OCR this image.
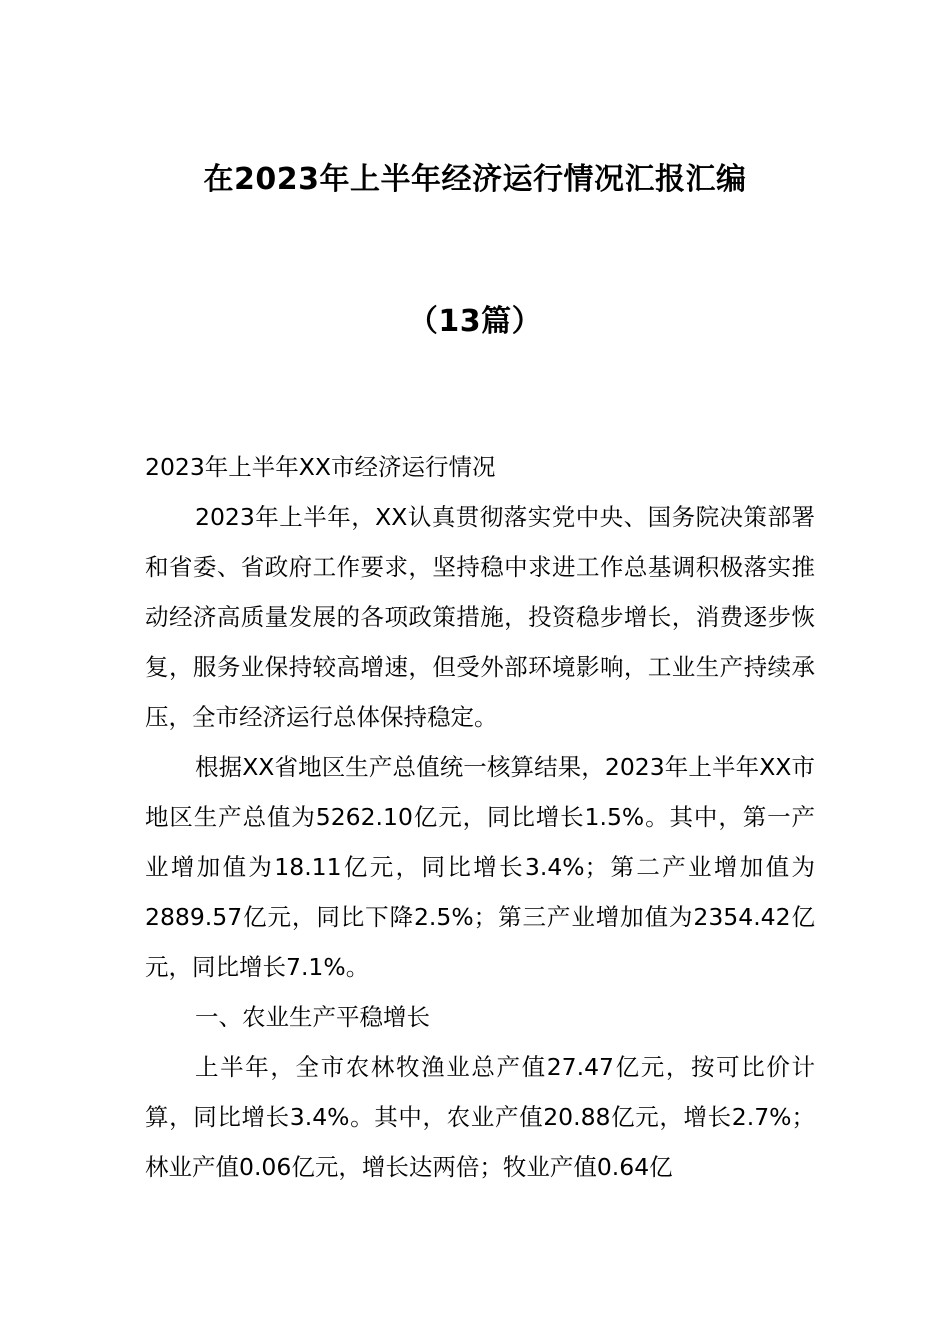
在2023年上半年经济运行情况汇报汇编
（13篇）

2023年上半年XX市经济运行情况

2023年上半年，XX认真贯彻落实党中央、国务院决策部署和省委、省政府工作要求，坚持稳中求进工作总基调积极落实推动经济高质量发展的各项政策措施，投资稳步增长，消费逐步恢复，服务业保持较高增速，但受外部环境影响，工业生产持续承压，全市经济运行总体保持稳定。

根据XX省地区生产总值统一核算结果，2023年上半年XX市地区生产总值为5262.10亿元，同比增长1.5%。其中，第一产业增加值为18.11亿元，同比增长3.4%；第二产业增加值为2889.57亿元，同比下降2.5%；第三产业增加值为2354.42亿元，同比增长7.1%。

一、农业生产平稳增长

上半年，全市农林牧渔业总产值27.47亿元，按可比价计算，同比增长3.4%。其中，农业产值20.88亿元，增长2.7%；林业产值0.06亿元，增长达两倍；牧业产值0.64亿
